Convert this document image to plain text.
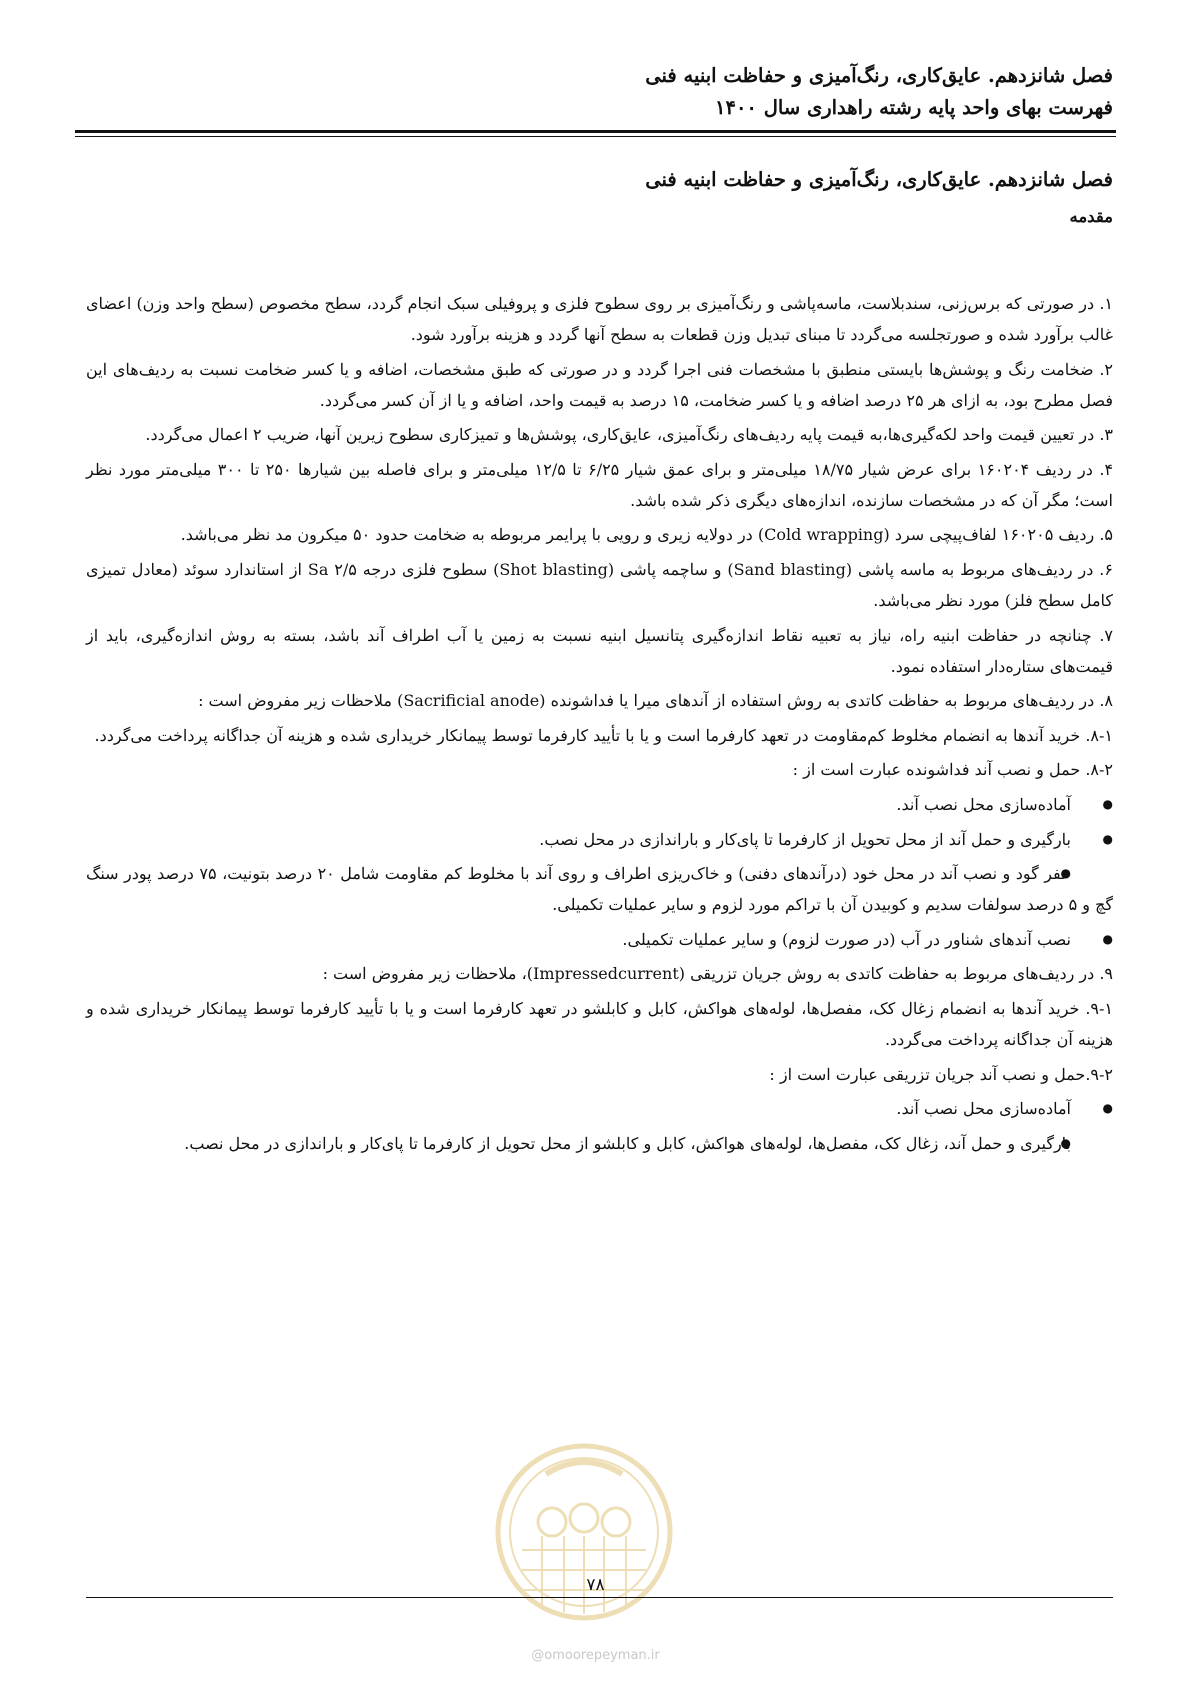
فصل شانزدهم. عایق‌کاری، رنگ‌آمیزی و حفاظت ابنیه فنی
فهرست بهای واحد پایه رشته راهداری سال ۱۴۰۰
فصل شانزدهم. عایق‌کاری، رنگ‌آمیزی و حفاظت ابنیه فنی
مقدمه

۱. در صورتی که برس‌زنی، سندبلاست، ماسه‌پاشی و رنگ‌آمیزی بر روی سطوح فلزی و پروفیلی سبک انجام گردد، سطح مخصوص (سطح واحد وزن) اعضای غالب برآورد شده و صورتجلسه می‌گردد تا مبنای تبدیل وزن قطعات به سطح آنها گردد و هزینه برآورد شود.

۲. ضخامت رنگ و پوشش‌ها بایستی منطبق با مشخصات فنی اجرا گردد و در صورتی که طبق مشخصات، اضافه و یا کسر ضخامت نسبت به ردیف‌های این فصل مطرح بود، به ازای هر ۲۵ درصد اضافه و یا کسر ضخامت، ۱۵ درصد به قیمت واحد، اضافه و یا از آن کسر می‌گردد.

۳. در تعیین قیمت واحد لکه‌گیری‌ها،به قیمت پایه ردیف‌های رنگ‌آمیزی، عایق‌کاری، پوشش‌ها و تمیزکاری سطوح زیرین آنها، ضریب ۲ اعمال می‌گردد.

۴. در ردیف ۱۶۰۲۰۴ برای عرض شیار ۱۸/۷۵ میلی‌متر و برای عمق شیار ۶/۲۵ تا ۱۲/۵ میلی‌متر و برای فاصله بین شیارها ۲۵۰ تا ۳۰۰ میلی‌متر مورد نظر است؛ مگر آن که در مشخصات سازنده، اندازه‌های دیگری ذکر شده باشد.

۵. ردیف ۱۶۰۲۰۵ لفاف‌پیچی سرد (Cold wrapping) در دولایه زیری و رویی با پرایمر مربوطه به ضخامت حدود ۵۰ میکرون مد نظر می‌باشد.

۶. در ردیف‌های مربوط به ماسه پاشی (Sand blasting) و ساچمه پاشی (Shot blasting) سطوح فلزی درجه Sa ۲/۵ از استاندارد سوئد (معادل تمیزی کامل سطح فلز) مورد نظر می‌باشد.

۷. چنانچه در حفاظت ابنیه راه، نیاز به تعبیه نقاط اندازه‌گیری پتانسیل ابنیه نسبت به زمین یا آب اطراف آند باشد، بسته به روش اندازه‌گیری، باید از قیمت‌های ستاره‌دار استفاده نمود.

۸. در ردیف‌های مربوط به حفاظت کاتدی به روش استفاده از آندهای میرا یا فداشونده (Sacrificial anode) ملاحظات زیر مفروض است :

۸-۱. خرید آندها به انضمام مخلوط کم‌مقاومت در تعهد کارفرما است و یا با تأیید کارفرما توسط پیمانکار خریداری شده و هزینه آن جداگانه پرداخت می‌گردد.

۸-۲. حمل و نصب آند فداشونده عبارت است از :

● آماده‌سازی محل نصب آند.

● بارگیری و حمل آند از محل تحویل از کارفرما تا پای‌کار و باراندازی در محل نصب.

● حفر گود و نصب آند در محل خود (درآندهای دفنی) و خاک‌ریزی اطراف و روی آند با مخلوط کم مقاومت شامل ۲۰ درصد بتونیت، ۷۵ درصد پودر سنگ گچ و ۵ درصد سولفات سدیم و کوبیدن آن با تراکم مورد لزوم و سایر عملیات تکمیلی.

● نصب آندهای شناور در آب (در صورت لزوم) و سایر عملیات تکمیلی.

۹. در ردیف‌های مربوط به حفاظت کاتدی به روش جریان تزریقی (Impressedcurrent)، ملاحظات زیر مفروض است :

۹-۱. خرید آندها به انضمام زغال کک، مفصل‌ها، لوله‌های هواکش، کابل و کابلشو در تعهد کارفرما است و یا با تأیید کارفرما توسط پیمانکار خریداری شده و هزینه آن جداگانه پرداخت می‌گردد.

۹-۲.حمل و نصب آند جریان تزریقی عبارت است از :

● آماده‌سازی محل نصب آند.

● بارگیری و حمل آند، زغال کک، مفصل‌ها، لوله‌های هواکش، کابل و کابلشو از محل تحویل از کارفرما تا پای‌کار و باراندازی در محل نصب.

۷۸
@omoorepeyman.ir
